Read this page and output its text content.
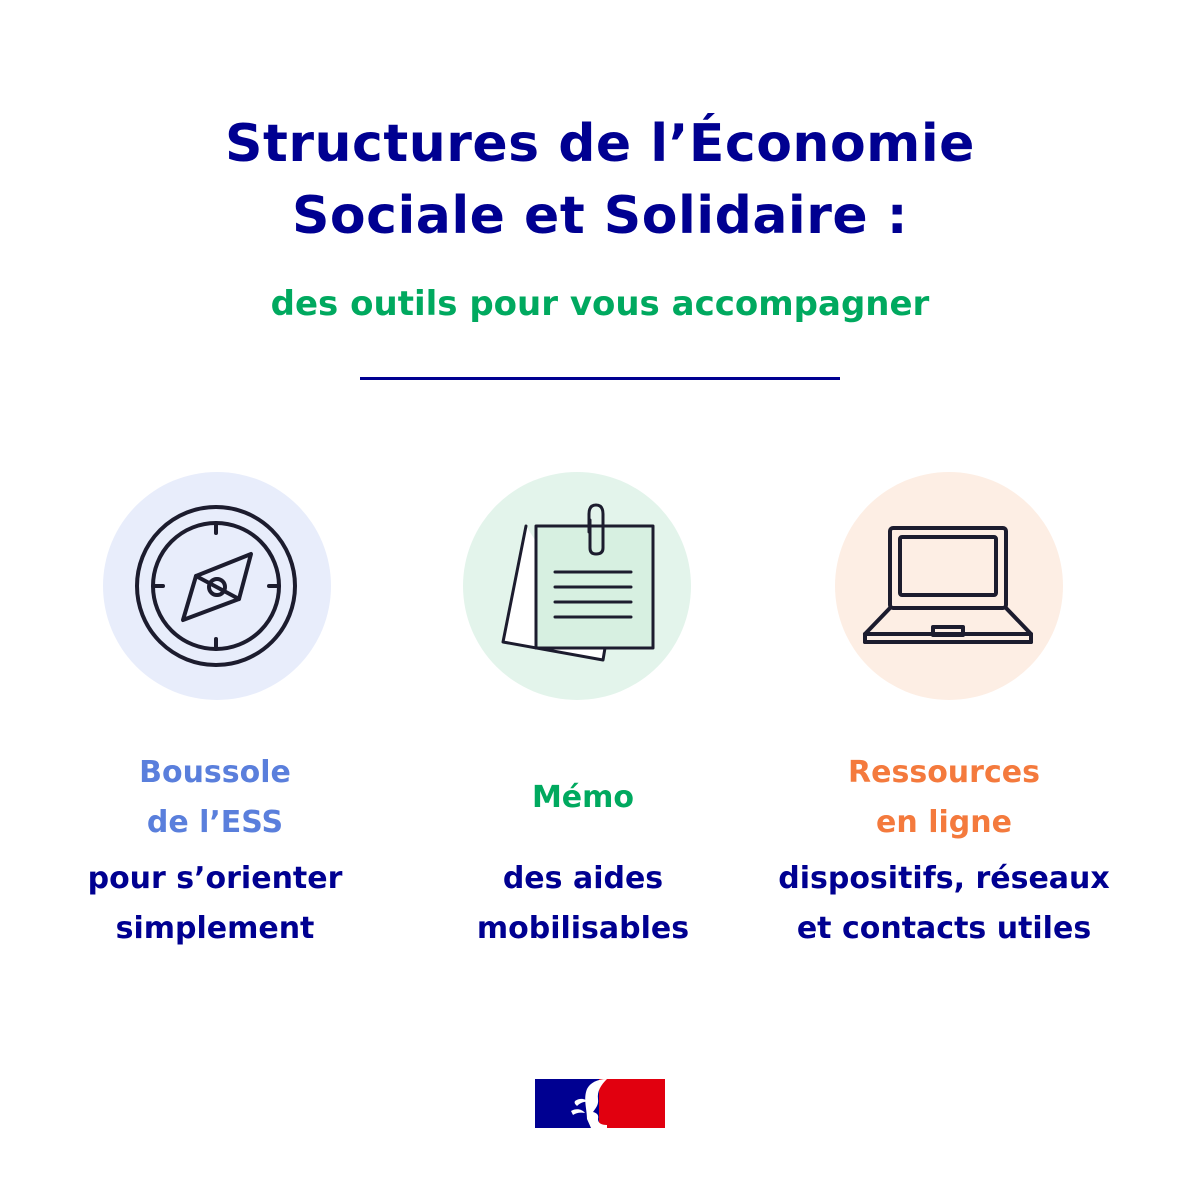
Structures de l’Économie
Sociale et Solidaire :
des outils pour vous accompagner
Boussole
de l’ESS
pour s’orienter
simplement
Mémo
des aides
mobilisables
Ressources
en ligne
dispositifs, réseaux
et contacts utiles
